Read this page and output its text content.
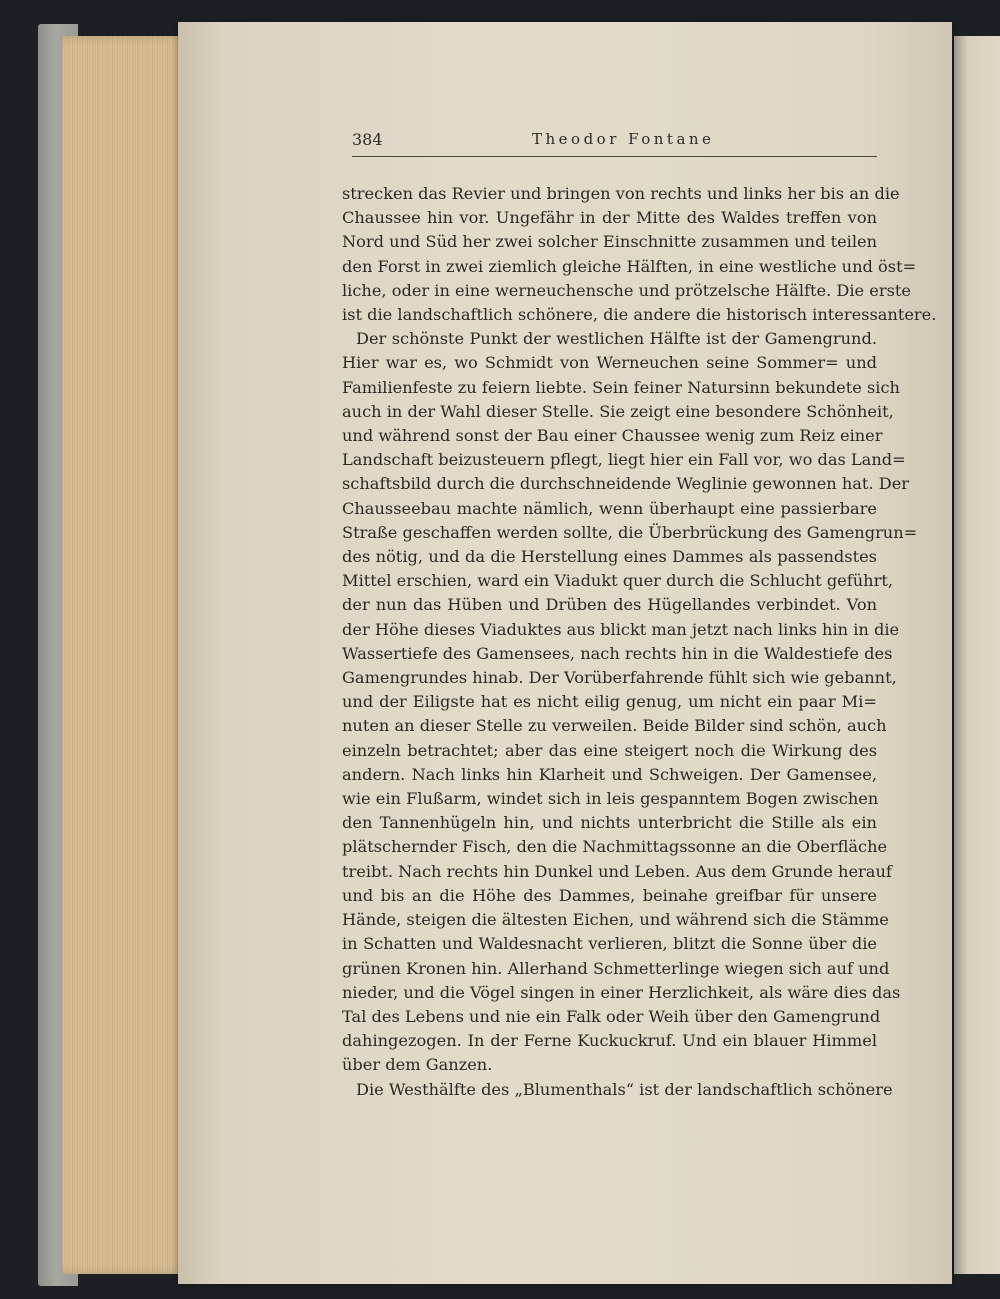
384	Theodor Fontane
strecken das Revier und bringen von rechts und links her bis an die
Chaussee hin vor. Ungefähr in der Mitte des Waldes treffen von
Nord und Süd her zwei solcher Einschnitte zusammen und teilen
den Forst in zwei ziemlich gleiche Hälften, in eine westliche und öst=
liche, oder in eine werneuchensche und prötzelsche Hälfte. Die erste
ist die landschaftlich schönere, die andere die historisch interessantere.
Der schönste Punkt der westlichen Hälfte ist der Gamengrund.
Hier war es, wo Schmidt von Werneuchen seine Sommer= und
Familienfeste zu feiern liebte. Sein feiner Natursinn bekundete sich
auch in der Wahl dieser Stelle. Sie zeigt eine besondere Schönheit,
und während sonst der Bau einer Chaussee wenig zum Reiz einer
Landschaft beizusteuern pflegt, liegt hier ein Fall vor, wo das Land=
schaftsbild durch die durchschneidende Weglinie gewonnen hat. Der
Chausseebau machte nämlich, wenn überhaupt eine passierbare
Straße geschaffen werden sollte, die Überbrückung des Gamengrun=
des nötig, und da die Herstellung eines Dammes als passendstes
Mittel erschien, ward ein Viadukt quer durch die Schlucht geführt,
der nun das Hüben und Drüben des Hügellandes verbindet. Von
der Höhe dieses Viaduktes aus blickt man jetzt nach links hin in die
Wassertiefe des Gamensees, nach rechts hin in die Waldestiefe des
Gamengrundes hinab. Der Vorüberfahrende fühlt sich wie gebannt,
und der Eiligste hat es nicht eilig genug, um nicht ein paar Mi=
nuten an dieser Stelle zu verweilen. Beide Bilder sind schön, auch
einzeln betrachtet; aber das eine steigert noch die Wirkung des
andern. Nach links hin Klarheit und Schweigen. Der Gamensee,
wie ein Flußarm, windet sich in leis gespanntem Bogen zwischen
den Tannenhügeln hin, und nichts unterbricht die Stille als ein
plätschernder Fisch, den die Nachmittagssonne an die Oberfläche
treibt. Nach rechts hin Dunkel und Leben. Aus dem Grunde herauf
und bis an die Höhe des Dammes, beinahe greifbar für unsere
Hände, steigen die ältesten Eichen, und während sich die Stämme
in Schatten und Waldesnacht verlieren, blitzt die Sonne über die
grünen Kronen hin. Allerhand Schmetterlinge wiegen sich auf und
nieder, und die Vögel singen in einer Herzlichkeit, als wäre dies das
Tal des Lebens und nie ein Falk oder Weih über den Gamengrund
dahingezogen. In der Ferne Kuckuckruf. Und ein blauer Himmel
über dem Ganzen.
Die Westhälfte des „Blumenthals“ ist der landschaftlich schönere
